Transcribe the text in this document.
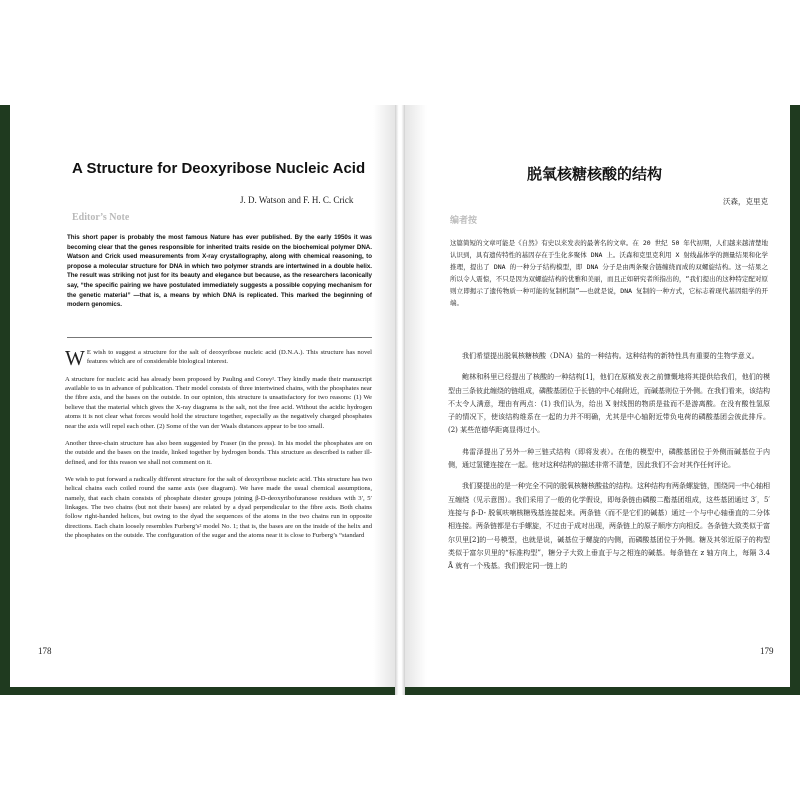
A Structure for Deoxyribose Nucleic Acid
J. D. Watson and F. H. C. Crick
Editor’s Note
This short paper is probably the most famous Nature has ever published. By the early 1950s it was becoming clear that the genes responsible for inherited traits reside on the biochemical polymer DNA. Watson and Crick used measurements from X-ray crystallography, along with chemical reasoning, to propose a molecular structure for DNA in which two polymer strands are intertwined in a double helix. The result was striking not just for its beauty and elegance but because, as the researchers laconically say, “the specific pairing we have postulated immediately suggests a possible copying mechanism for the genetic material” —that is, a means by which DNA is replicated. This marked the beginning of modern genomics.

W E wish to suggest a structure for the salt of deoxyribose nucleic acid (D.N.A.). This structure has novel features which are of considerable biological interest.

A structure for nucleic acid has already been proposed by Pauling and Corey¹. They kindly made their manuscript available to us in advance of publication. Their model consists of three intertwined chains, with the phosphates near the fibre axis, and the bases on the outside. In our opinion, this structure is unsatisfactory for two reasons: (1) We believe that the material which gives the X-ray diagrams is the salt, not the free acid. Without the acidic hydrogen atoms it is not clear what forces would hold the structure together, especially as the negatively charged phosphates near the axis will repel each other. (2) Some of the van der Waals distances appear to be too small.

Another three-chain structure has also been suggested by Fraser (in the press). In his model the phosphates are on the outside and the bases on the inside, linked together by hydrogen bonds. This structure as described is rather ill-defined, and for this reason we shall not comment on it.

We wish to put forward a radically different structure for the salt of deoxyribose nucleic acid. This structure has two helical chains each coiled round the same axis (see diagram). We have made the usual chemical assumptions, namely, that each chain consists of phosphate diester groups joining β-D-deoxyribofuranose residues with 3′, 5′ linkages. The two chains (but not their bases) are related by a dyad perpendicular to the fibre axis. Both chains follow right-handed helices, but owing to the dyad the sequences of the atoms in the two chains run in opposite directions. Each chain loosely resembles Furberg’s² model No. 1; that is, the bases are on the inside of the helix and the phosphates on the outside. The configuration of the sugar and the atoms near it is close to Furberg’s “standard

178
脱氧核糖核酸的结构
沃森，克里克
编者按
这篇简短的文章可能是《自然》有史以来发表的最著名的文章。在 20 世纪 50 年代初期，人们越来越清楚地认识到，具有遗传特性的基因存在于生化多聚体 DNA 上。沃森和克里克利用 X 射线晶体学的测量结果和化学推理，提出了 DNA 的一种分子结构模型，即 DNA 分子是由两条聚合链缠绕而成的双螺旋结构。这一结果之所以令人震惊，不只是因为双螺旋结构的优雅和美丽，而且正如研究者所指出的，“我们提出的这种特定配对原则立即揭示了遗传物质一种可能的复制机制”——也就是说，DNA 复制的一种方式，它标志着现代基因组学的开端。

我们希望提出脱氧核糖核酸（DNA）盐的一种结构。这种结构的新特性具有重要的生物学意义。

鲍林和科里已经提出了核酸的一种结构[1]，他们在原稿发表之前慷慨地将其提供给我们，他们的模型由三条彼此缠绕的链组成，磷酸基团位于长链的中心轴附近，而碱基则位于外侧。在我们看来，该结构不太令人满意，理由有两点：(1) 我们认为，给出 X 射线图的物质是盐而不是游离酸。在没有酸性氢原子的情况下，使该结构维系在一起的力并不明确，尤其是中心轴附近带负电荷的磷酸基团会彼此排斥。(2) 某些范德华距离显得过小。

弗雷泽提出了另外一种三链式结构（即将发表）。在他的模型中，磷酸基团位于外侧而碱基位于内侧，通过氢键连接在一起。他对这种结构的描述非常不清楚，因此我们不会对其作任何评论。

我们要提出的是一种完全不同的脱氧核糖核酸盐的结构。这种结构有两条螺旋链，围绕同一中心轴相互缠绕（见示意图）。我们采用了一般的化学假设，即每条链由磷酸二酯基团组成，这些基团通过 3′，5′ 连接与 β-D- 脱氧呋喃核糖残基连接起来。两条链（而不是它们的碱基）通过一个与中心轴垂直的二分体相连接。两条链都是右手螺旋，不过由于成对出现，两条链上的原子顺序方向相反。各条链大致类似于富尔贝里[2]的一号模型，也就是说，碱基位于螺旋的内侧，而磷酸基团位于外侧。糖及其邻近原子的构型类似于富尔贝里的“标准构型”，糖分子大致上垂直于与之相连的碱基。每条链在 z 轴方向上，每隔 3.4 Å 就有一个残基。我们假定同一链上的

179
